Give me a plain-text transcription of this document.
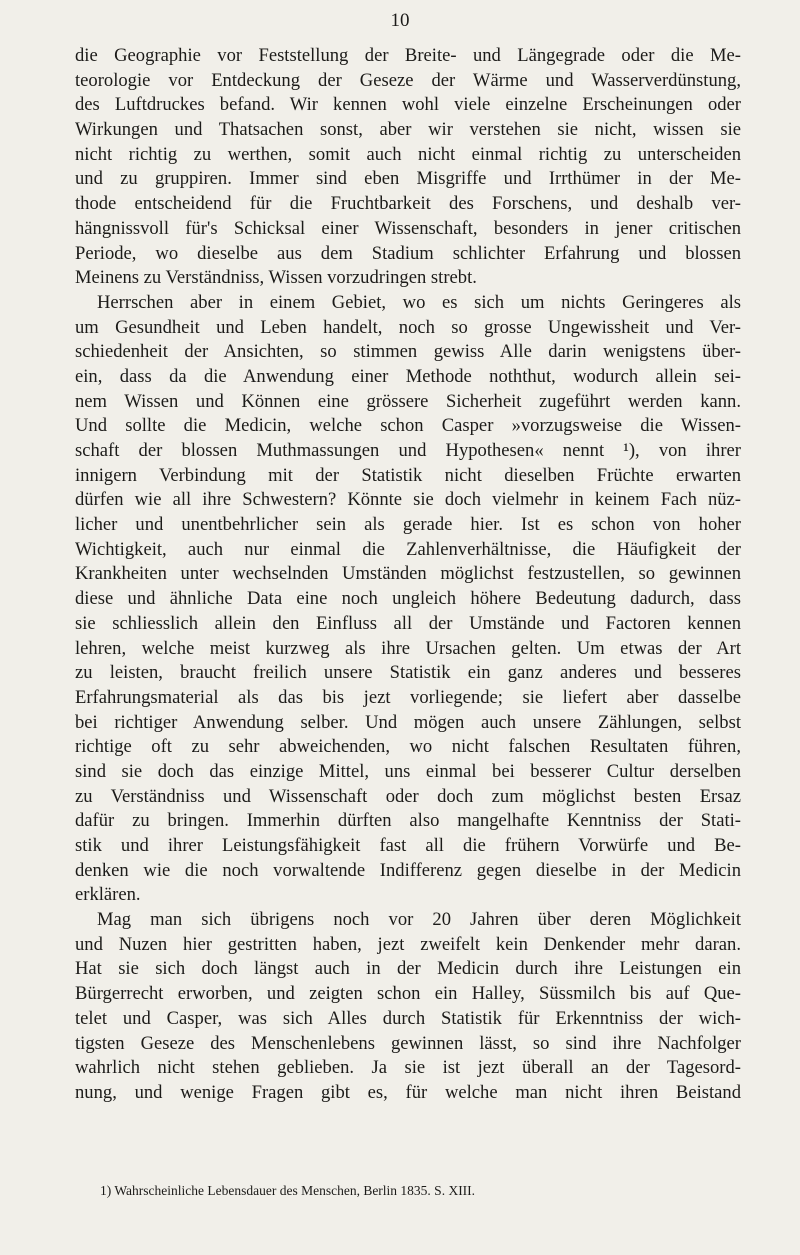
10
die Geographie vor Feststellung der Breite- und Längegrade oder die Me-
teorologie vor Entdeckung der Geseze der Wärme und Wasserverdünstung,
des Luftdruckes befand. Wir kennen wohl viele einzelne Erscheinungen oder
Wirkungen und Thatsachen sonst, aber wir verstehen sie nicht, wissen sie
nicht richtig zu werthen, somit auch nicht einmal richtig zu unterscheiden
und zu gruppiren. Immer sind eben Misgriffe und Irrthümer in der Me-
thode entscheidend für die Fruchtbarkeit des Forschens, und deshalb ver-
hängnissvoll für's Schicksal einer Wissenschaft, besonders in jener critischen
Periode, wo dieselbe aus dem Stadium schlichter Erfahrung und blossen
Meinens zu Verständniss, Wissen vorzudringen strebt.
Herrschen aber in einem Gebiet, wo es sich um nichts Geringeres als
um Gesundheit und Leben handelt, noch so grosse Ungewissheit und Ver-
schiedenheit der Ansichten, so stimmen gewiss Alle darin wenigstens über-
ein, dass da die Anwendung einer Methode noththut, wodurch allein sei-
nem Wissen und Können eine grössere Sicherheit zugeführt werden kann.
Und sollte die Medicin, welche schon Casper »vorzugsweise die Wissen-
schaft der blossen Muthmassungen und Hypothesen« nennt ¹), von ihrer
innigern Verbindung mit der Statistik nicht dieselben Früchte erwarten
dürfen wie all ihre Schwestern? Könnte sie doch vielmehr in keinem Fach nüz-
licher und unentbehrlicher sein als gerade hier. Ist es schon von hoher
Wichtigkeit, auch nur einmal die Zahlenverhältnisse, die Häufigkeit der
Krankheiten unter wechselnden Umständen möglichst festzustellen, so gewinnen
diese und ähnliche Data eine noch ungleich höhere Bedeutung dadurch, dass
sie schliesslich allein den Einfluss all der Umstände und Factoren kennen
lehren, welche meist kurzweg als ihre Ursachen gelten. Um etwas der Art
zu leisten, braucht freilich unsere Statistik ein ganz anderes und besseres
Erfahrungsmaterial als das bis jezt vorliegende; sie liefert aber dasselbe
bei richtiger Anwendung selber. Und mögen auch unsere Zählungen, selbst
richtige oft zu sehr abweichenden, wo nicht falschen Resultaten führen,
sind sie doch das einzige Mittel, uns einmal bei besserer Cultur derselben
zu Verständniss und Wissenschaft oder doch zum möglichst besten Ersaz
dafür zu bringen. Immerhin dürften also mangelhafte Kenntniss der Stati-
stik und ihrer Leistungsfähigkeit fast all die frühern Vorwürfe und Be-
denken wie die noch vorwaltende Indifferenz gegen dieselbe in der Medicin
erklären.
Mag man sich übrigens noch vor 20 Jahren über deren Möglichkeit
und Nuzen hier gestritten haben, jezt zweifelt kein Denkender mehr daran.
Hat sie sich doch längst auch in der Medicin durch ihre Leistungen ein
Bürgerrecht erworben, und zeigten schon ein Halley, Süssmilch bis auf Que-
telet und Casper, was sich Alles durch Statistik für Erkenntniss der wich-
tigsten Geseze des Menschenlebens gewinnen lässt, so sind ihre Nachfolger
wahrlich nicht stehen geblieben. Ja sie ist jezt überall an der Tagesord-
nung, und wenige Fragen gibt es, für welche man nicht ihren Beistand
1) Wahrscheinliche Lebensdauer des Menschen, Berlin 1835. S. XIII.
